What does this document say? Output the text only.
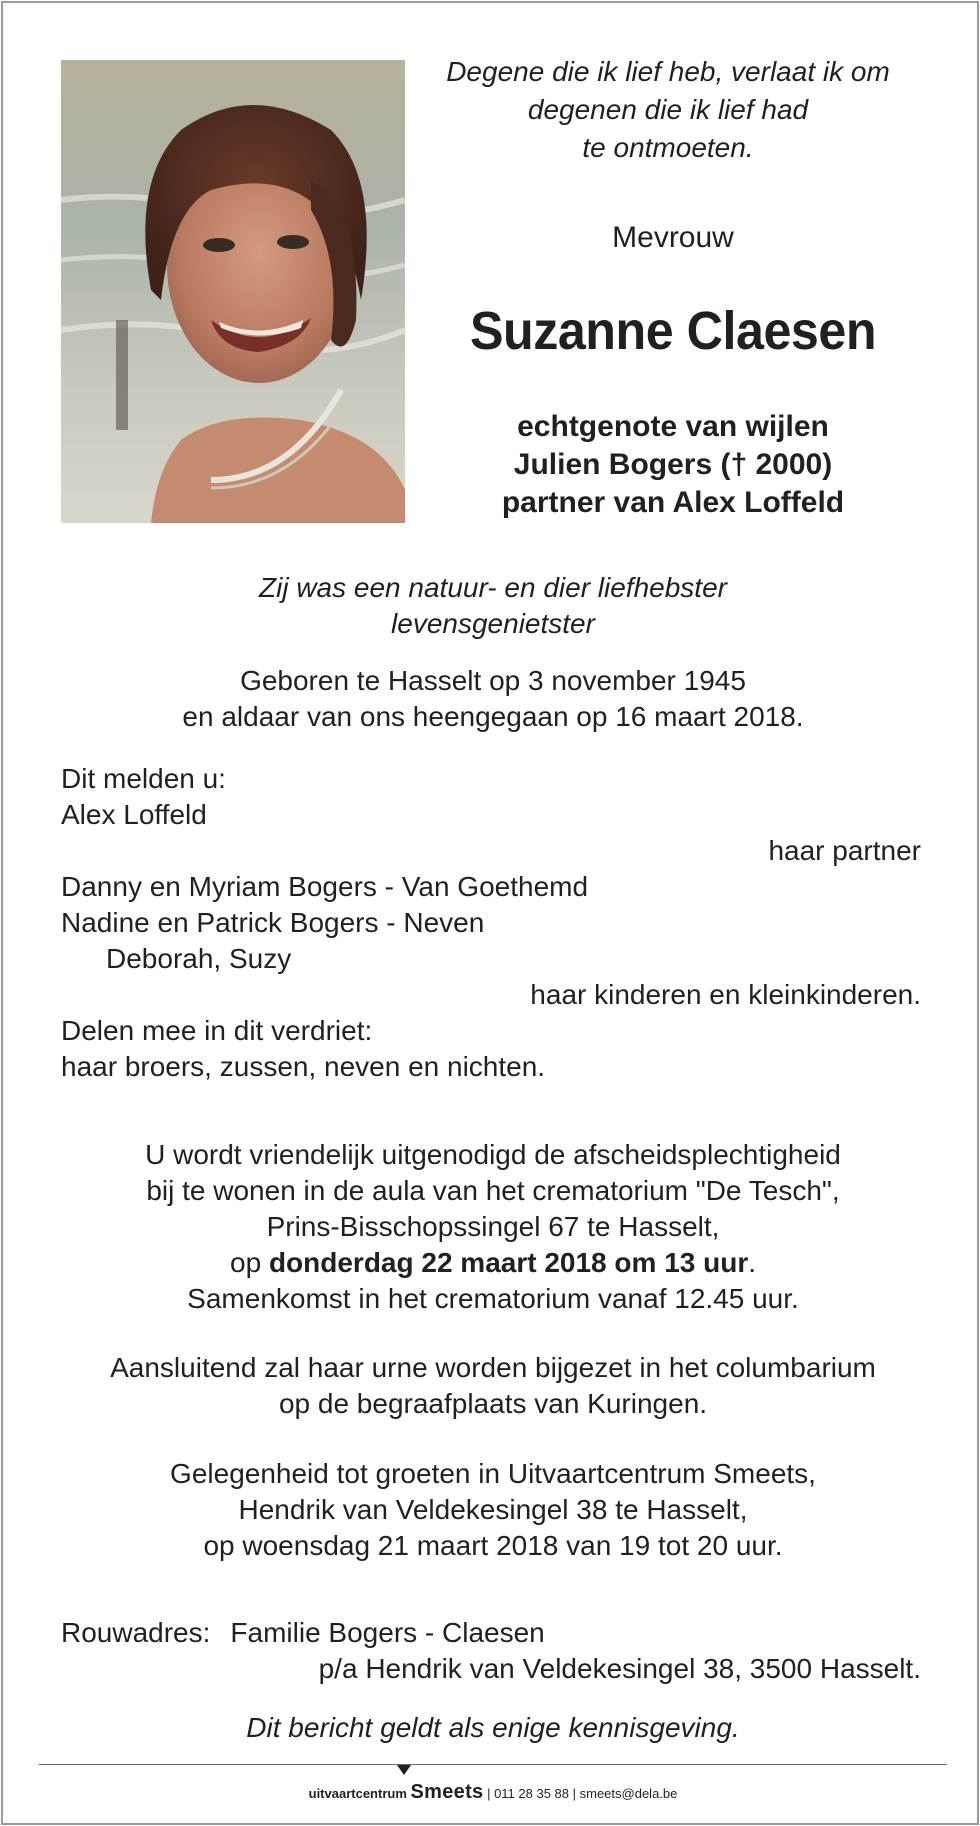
Degene die ik lief heb, verlaat ik om
degenen die ik lief had
te ontmoeten.
Mevrouw
Suzanne Claesen
echtgenote van wijlen
Julien Bogers († 2000)
partner van Alex Loffeld
Zij was een natuur- en dier liefhebster
levensgenietster
Geboren te Hasselt op 3 november 1945
en aldaar van ons heengegaan op 16 maart 2018.
Dit melden u:
Alex Loffeld
haar partner
Danny en Myriam Bogers - Van Goethemd
Nadine en Patrick Bogers - Neven
Deborah, Suzy
haar kinderen en kleinkinderen.
Delen mee in dit verdriet:
haar broers, zussen, neven en nichten.
U wordt vriendelijk uitgenodigd de afscheidsplechtigheid
bij te wonen in de aula van het crematorium "De Tesch",
Prins-Bisschopssingel 67 te Hasselt,
op donderdag 22 maart 2018 om 13 uur.
Samenkomst in het crematorium vanaf 12.45 uur.
Aansluitend zal haar urne worden bijgezet in het columbarium
op de begraafplaats van Kuringen.
Gelegenheid tot groeten in Uitvaartcentrum Smeets,
Hendrik van Veldekesingel 38 te Hasselt,
op woensdag 21 maart 2018 van 19 tot 20 uur.
Rouwadres: Familie Bogers - Claesen
p/a Hendrik van Veldekesingel 38, 3500 Hasselt.
Dit bericht geldt als enige kennisgeving.
uitvaartcentrum Smeets | 011 28 35 88 | smeets@dela.be
